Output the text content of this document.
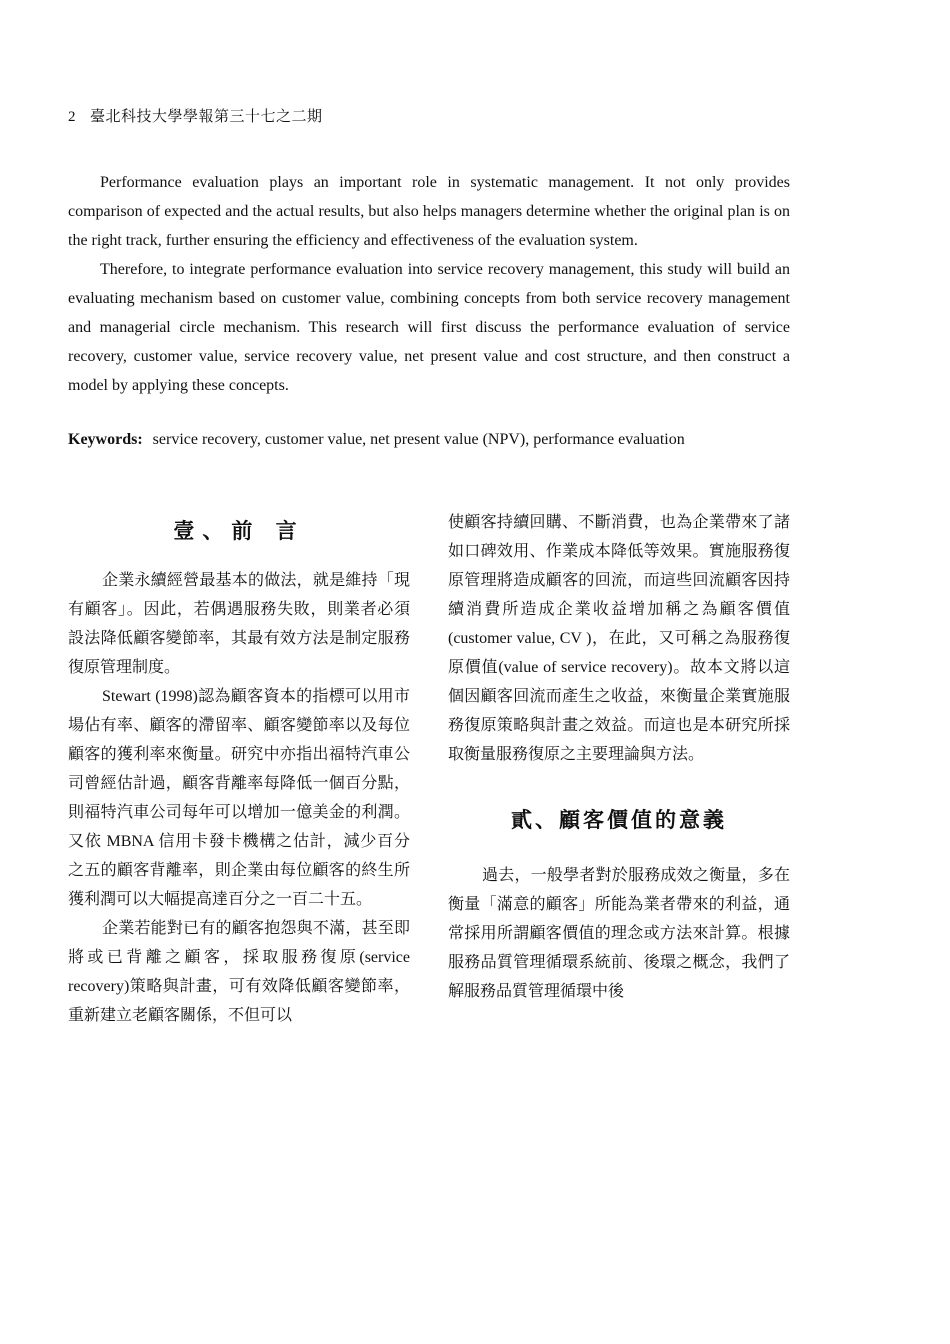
2 臺北科技大學學報第三十七之二期

Performance evaluation plays an important role in systematic management. It not only provides comparison of expected and the actual results, but also helps managers determine whether the original plan is on the right track, further ensuring the efficiency and effectiveness of the evaluation system.

Therefore, to integrate performance evaluation into service recovery management, this study will build an evaluating mechanism based on customer value, combining concepts from both service recovery management and managerial circle mechanism. This research will first discuss the performance evaluation of service recovery, customer value, service recovery value, net present value and cost structure, and then construct a model by applying these concepts.

Keywords: service recovery, customer value, net present value (NPV), performance evaluation
壹、前 言

企業永續經營最基本的做法，就是維持「現有顧客」。因此，若偶遇服務失敗，則業者必須設法降低顧客變節率，其最有效方法是制定服務復原管理制度。

Stewart (1998)認為顧客資本的指標可以用市場佔有率、顧客的滯留率、顧客變節率以及每位顧客的獲利率來衡量。研究中亦指出福特汽車公司曾經估計過，顧客背離率每降低一個百分點，則福特汽車公司每年可以增加一億美金的利潤。又依 MBNA 信用卡發卡機構之估計，減少百分之五的顧客背離率，則企業由每位顧客的終生所獲利潤可以大幅提高達百分之一百二十五。

企業若能對已有的顧客抱怨與不滿，甚至即將或已背離之顧客，採取服務復原(service recovery)策略與計畫，可有效降低顧客變節率，重新建立老顧客關係，不但可以

使顧客持續回購、不斷消費，也為企業帶來了諸如口碑效用、作業成本降低等效果。實施服務復原管理將造成顧客的回流，而這些回流顧客因持續消費所造成企業收益增加稱之為顧客價值(customer value, CV )，在此，又可稱之為服務復原價值(value of service recovery)。故本文將以這個因顧客回流而產生之收益，來衡量企業實施服務復原策略與計畫之效益。而這也是本研究所採取衡量服務復原之主要理論與方法。

貳、顧客價值的意義

過去，一般學者對於服務成效之衡量，多在衡量「滿意的顧客」所能為業者帶來的利益，通常採用所謂顧客價值的理念或方法來計算。根據服務品質管理循環系統前、後環之概念，我們了解服務品質管理循環中後
